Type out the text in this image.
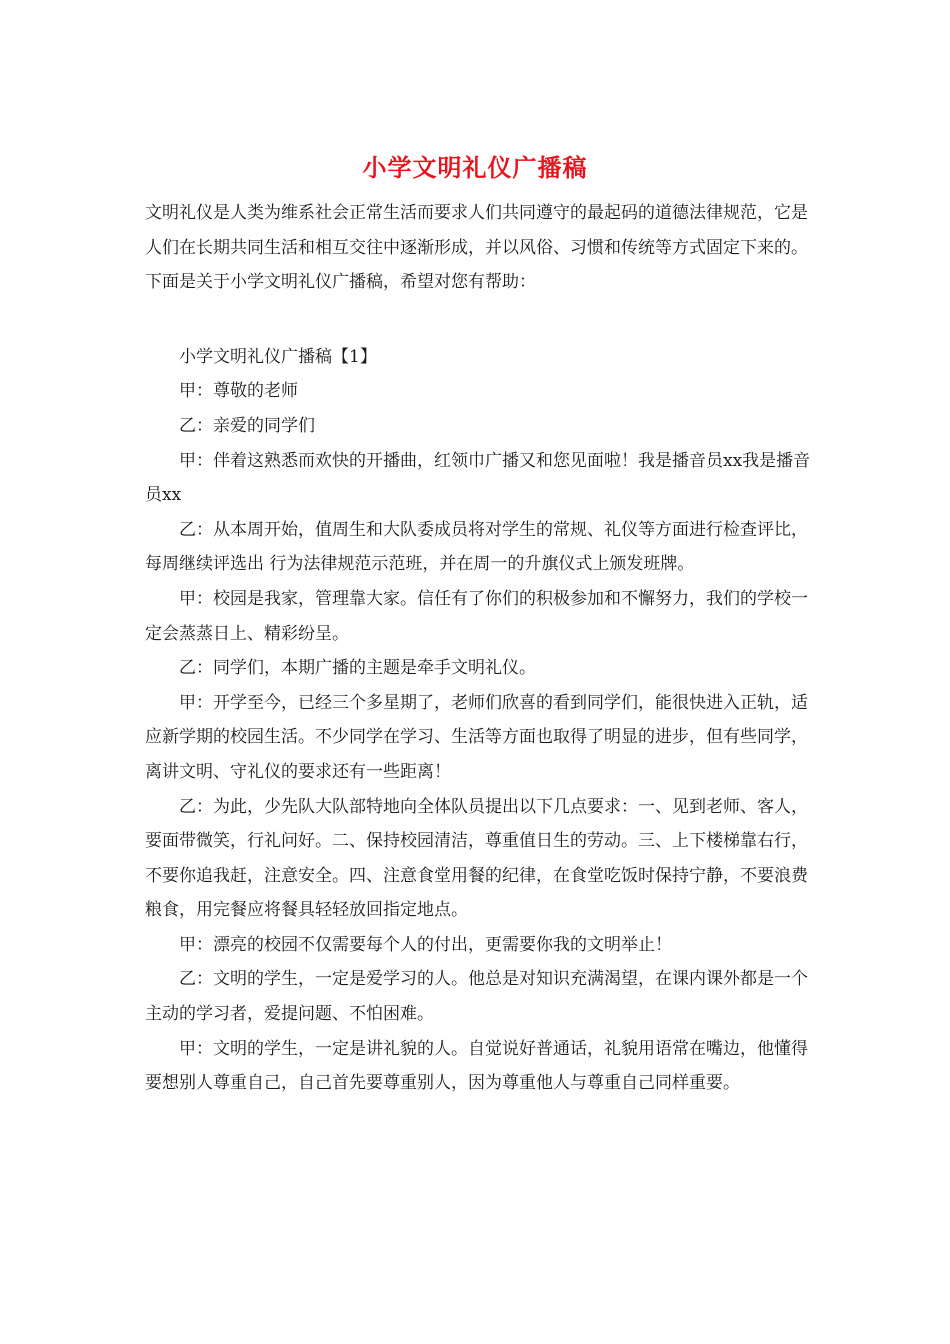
小学文明礼仪广播稿

文明礼仪是人类为维系社会正常生活而要求人们共同遵守的最起码的道德法律规范，它是人们在长期共同生活和相互交往中逐渐形成，并以风俗、习惯和传统等方式固定下来的。下面是关于小学文明礼仪广播稿，希望对您有帮助：

小学文明礼仪广播稿【1】

甲：尊敬的老师

乙：亲爱的同学们

甲：伴着这熟悉而欢快的开播曲，红领巾广播又和您见面啦！我是播音员xx我是播音员xx

乙：从本周开始，值周生和大队委成员将对学生的常规、礼仪等方面进行检查评比，每周继续评选出 行为法律规范示范班，并在周一的升旗仪式上颁发班牌。

甲：校园是我家，管理靠大家。信任有了你们的积极参加和不懈努力，我们的学校一定会蒸蒸日上、精彩纷呈。

乙：同学们，本期广播的主题是牵手文明礼仪。

甲：开学至今，已经三个多星期了，老师们欣喜的看到同学们，能很快进入正轨，适应新学期的校园生活。不少同学在学习、生活等方面也取得了明显的进步，但有些同学，离讲文明、守礼仪的要求还有一些距离！

乙：为此，少先队大队部特地向全体队员提出以下几点要求：一、见到老师、客人，要面带微笑，行礼问好。二、保持校园清洁，尊重值日生的劳动。三、上下楼梯靠右行，不要你追我赶，注意安全。四、注意食堂用餐的纪律，在食堂吃饭时保持宁静，不要浪费粮食，用完餐应将餐具轻轻放回指定地点。

甲：漂亮的校园不仅需要每个人的付出，更需要你我的文明举止！

乙：文明的学生，一定是爱学习的人。他总是对知识充满渴望，在课内课外都是一个主动的学习者，爱提问题、不怕困难。

甲：文明的学生，一定是讲礼貌的人。自觉说好普通话，礼貌用语常在嘴边，他懂得要想别人尊重自己，自己首先要尊重别人，因为尊重他人与尊重自己同样重要。
